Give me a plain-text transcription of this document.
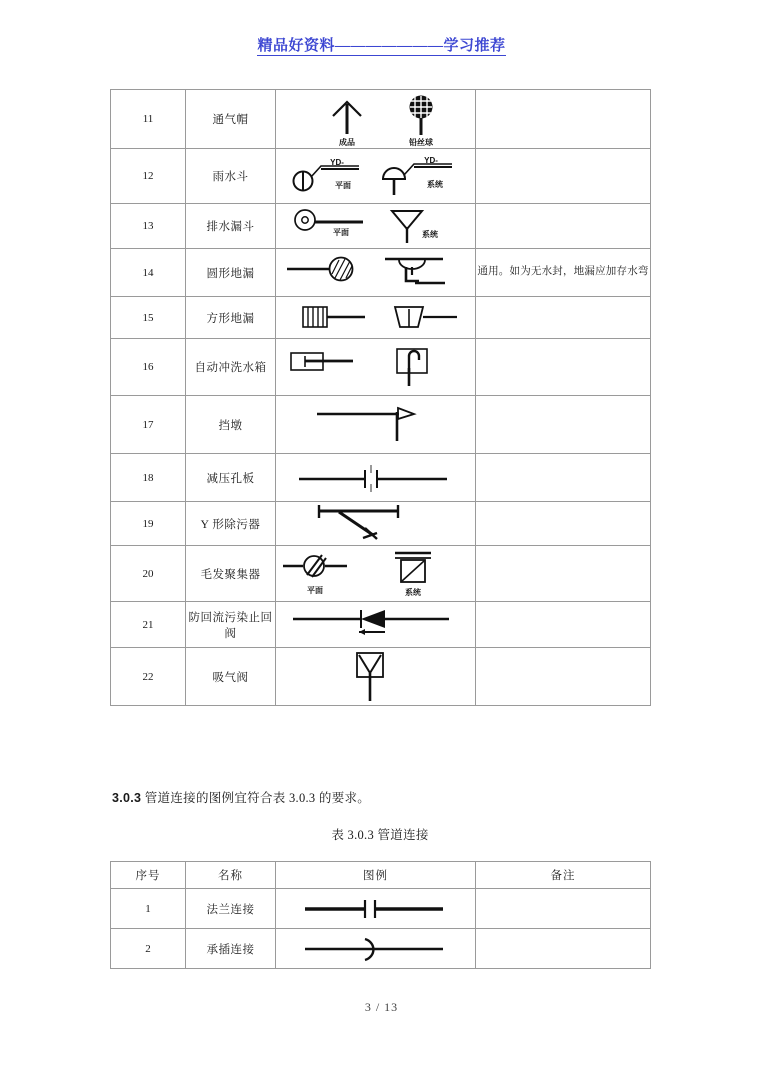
精品好资料———————学习推荐
11	通气帽	成品 铅丝球	

12	雨水斗	YD-
平面
YD-
系统	

13	排水漏斗	平面 系统	

14	圆形地漏		通用。如为无水封，地漏应加存水弯
15	方形地漏	

16	自动冲洗水箱	

17	挡墩	

18	减压孔板	

19	Y 形除污器	

20	毛发聚集器	平面 系统	

21	防回流污染止回阀	

22	吸气阀	

3.0.3 管道连接的图例宜符合表 3.0.3 的要求。
表 3.0.3 管道连接
序号	名称	图例	备注
1	法兰连接	

2	承插连接	

3 / 13
